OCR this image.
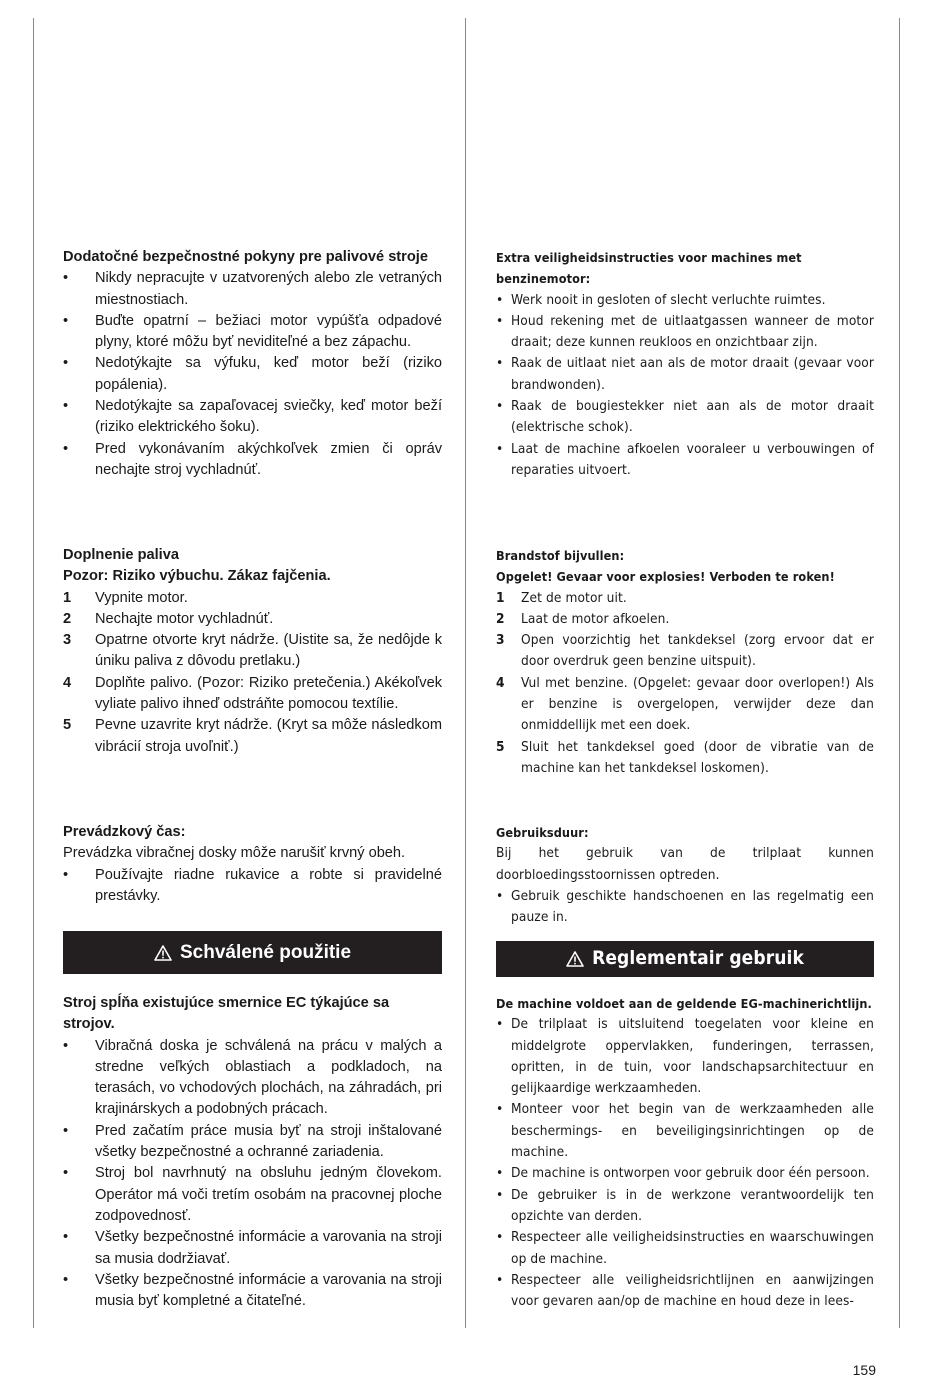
Dodatočné bezpečnostné pokyny pre palivové stroje
•	Nikdy nepracujte v uzatvorených alebo zle vetraných miestnostiach.
•	Buďte opatrní – bežiaci motor vypúšťa odpadové plyny, ktoré môžu byť neviditeľné a bez zápachu.
•	Nedotýkajte sa výfuku, keď motor beží (riziko popálenia).
•	Nedotýkajte sa zapaľovacej sviečky, keď motor beží (riziko elektrického šoku).
•	Pred vykonávaním akýchkoľvek zmien či opráv nechajte stroj vychladnúť.
Doplnenie paliva
Pozor: Riziko výbuchu. Zákaz fajčenia.
1	Vypnite motor.
2	Nechajte motor vychladnúť.
3	Opatrne otvorte kryt nádrže. (Uistite sa, že nedôjde k úniku paliva z dôvodu pretlaku.)
4	Doplňte palivo. (Pozor: Riziko pretečenia.) Akékoľvek vyliate palivo ihneď odstráňte pomocou textílie.
5	Pevne uzavrite kryt nádrže. (Kryt sa môže následkom vibrácií stroja uvoľniť.)
Prevádzkový čas:

Prevádzka vibračnej dosky môže narušiť krvný obeh.

•	Používajte riadne rukavice a robte si pravidelné prestávky.
Schválené použitie
Stroj spĺňa existujúce smernice EC týkajúce sa strojov.
•	Vibračná doska je schválená na prácu v malých a stredne veľkých oblastiach a podkladoch, na terasách, vo vchodových plochách, na záhradách, pri krajinárskych a podobných prácach.
•	Pred začatím práce musia byť na stroji inštalované všetky bezpečnostné a ochranné zariadenia.
•	Stroj bol navrhnutý na obsluhu jedným človekom. Operátor má voči tretím osobám na pracovnej ploche zodpovednosť.
•	Všetky bezpečnostné informácie a varovania na stroji sa musia dodržiavať.
•	Všetky bezpečnostné informácie a varovania na stroji musia byť kompletné a čitateľné.
Extra veiligheidsinstructies voor machines met benzinemotor:
• Werk nooit in gesloten of slecht verluchte ruimtes.
• Houd rekening met de uitlaatgassen wanneer de motor draait; deze kunnen reukloos en onzichtbaar zijn.
• Raak de uitlaat niet aan als de motor draait (gevaar voor brandwonden).
• Raak de bougiestekker niet aan als de motor draait (elektrische schok).
• Laat de machine afkoelen vooraleer u verbouwingen of reparaties uitvoert.
Brandstof bijvullen:
Opgelet! Gevaar voor explosies! Verboden te roken!
1 Zet de motor uit.
2 Laat de motor afkoelen.
3 Open voorzichtig het tankdeksel (zorg ervoor dat er door overdruk geen benzine uitspuit).
4 Vul met benzine. (Opgelet: gevaar door overlopen!) Als er benzine is overgelopen, verwijder deze dan onmiddellijk met een doek.
5 Sluit het tankdeksel goed (door de vibratie van de machine kan het tankdeksel loskomen).
Gebruiksduur:

Bij het gebruik van de trilplaat kunnen doorbloedingsstoornissen optreden.

• Gebruik geschikte handschoenen en las regelmatig een pauze in.
Reglementair gebruik
De machine voldoet aan de geldende EG-machinerichtlijn.
• De trilplaat is uitsluitend toegelaten voor kleine en middelgrote oppervlakken, funderingen, terrassen, opritten, in de tuin, voor landschapsarchitectuur en gelijkaardige werkzaamheden.
• Monteer voor het begin van de werkzaamheden alle beschermings- en beveiligingsinrichtingen op de machine.
• De machine is ontworpen voor gebruik door één persoon.
• De gebruiker is in de werkzone verantwoordelijk ten opzichte van derden.
• Respecteer alle veiligheidsinstructies en waarschuwingen op de machine.
• Respecteer alle veiligheidsrichtlijnen en aanwijzingen voor gevaren aan/op de machine en houd deze in lees-
159
